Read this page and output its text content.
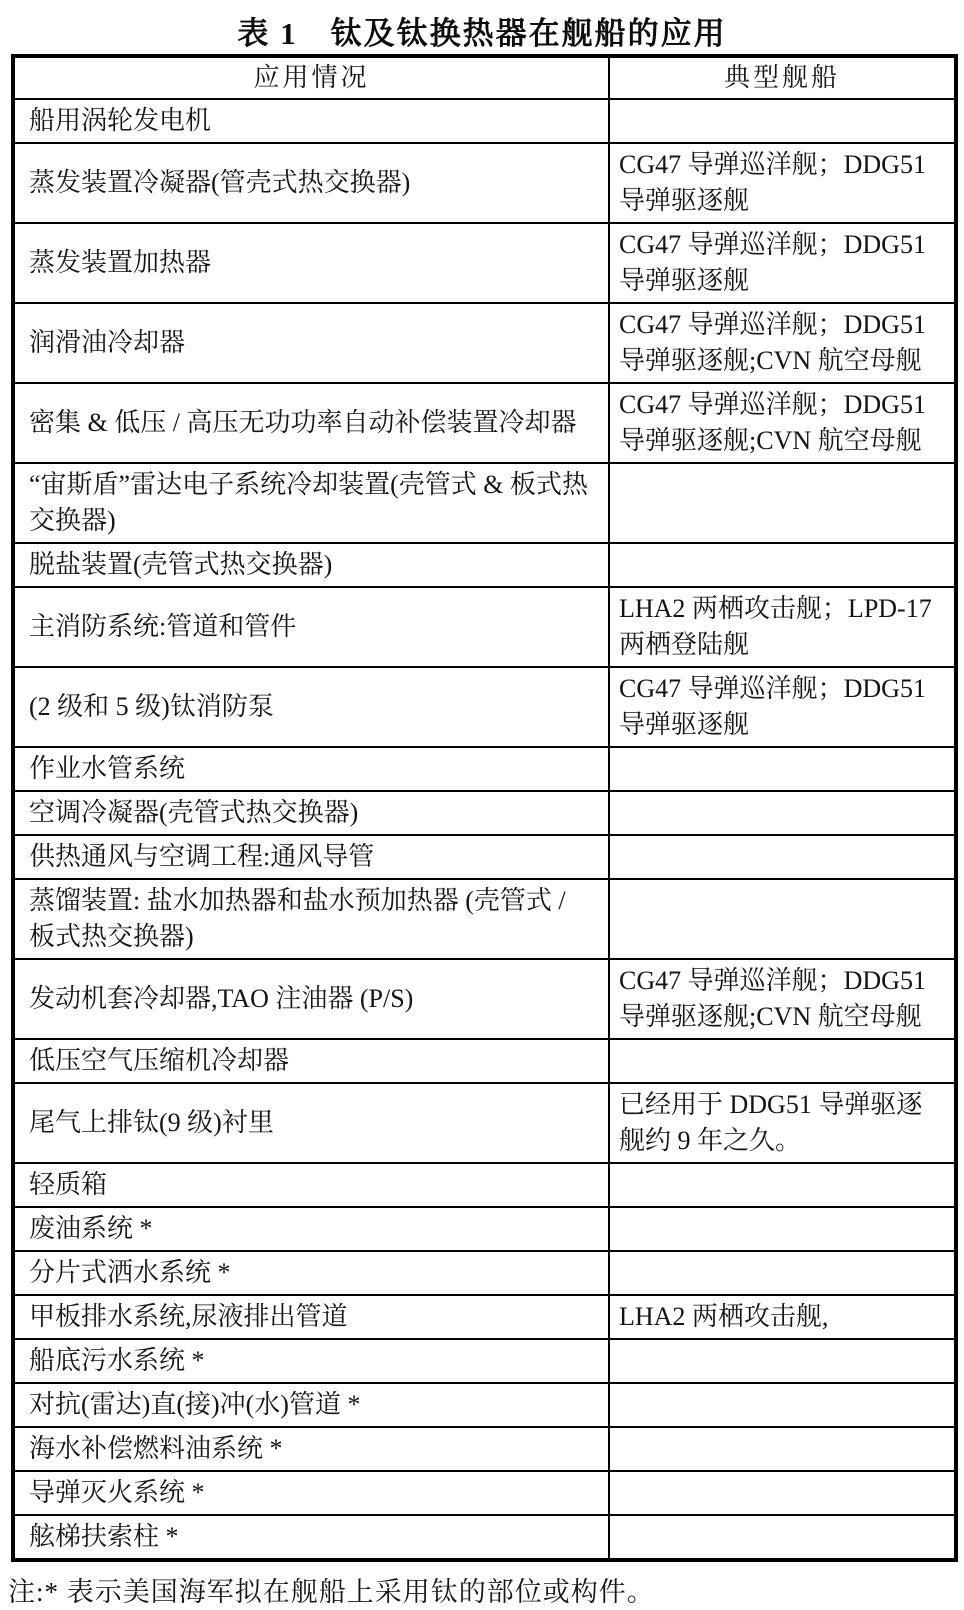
表 1　钛及钛换热器在舰船的应用
应用情况	典型舰船
船用涡轮发电机	
蒸发装置冷凝器(管壳式热交换器)	CG47 导弹巡洋舰；DDG51 导弹驱逐舰
蒸发装置加热器	CG47 导弹巡洋舰；DDG51 导弹驱逐舰
润滑油冷却器	CG47 导弹巡洋舰；DDG51 导弹驱逐舰;CVN 航空母舰
密集 & 低压 / 高压无功功率自动补偿装置冷却器	CG47 导弹巡洋舰；DDG51 导弹驱逐舰;CVN 航空母舰
“宙斯盾”雷达电子系统冷却装置(壳管式 & 板式热交换器)	
脱盐装置(壳管式热交换器)	
主消防系统:管道和管件	LHA2 两栖攻击舰；LPD-17 两栖登陆舰
(2 级和 5 级)钛消防泵	CG47 导弹巡洋舰；DDG51 导弹驱逐舰
作业水管系统	
空调冷凝器(壳管式热交换器)	
供热通风与空调工程:通风导管	
蒸馏装置: 盐水加热器和盐水预加热器 (壳管式 / 板式热交换器)	
发动机套冷却器,TAO 注油器 (P/S)	CG47 导弹巡洋舰；DDG51 导弹驱逐舰;CVN 航空母舰
低压空气压缩机冷却器	
尾气上排钛(9 级)衬里	已经用于 DDG51 导弹驱逐舰约 9 年之久。
轻质箱	
废油系统 *	
分片式洒水系统 *	
甲板排水系统,尿液排出管道	LHA2 两栖攻击舰,
船底污水系统 *	
对抗(雷达)直(接)冲(水)管道 *	
海水补偿燃料油系统 *	
导弹灭火系统 *	
舷梯扶索柱 *	
注:* 表示美国海军拟在舰船上采用钛的部位或构件。
